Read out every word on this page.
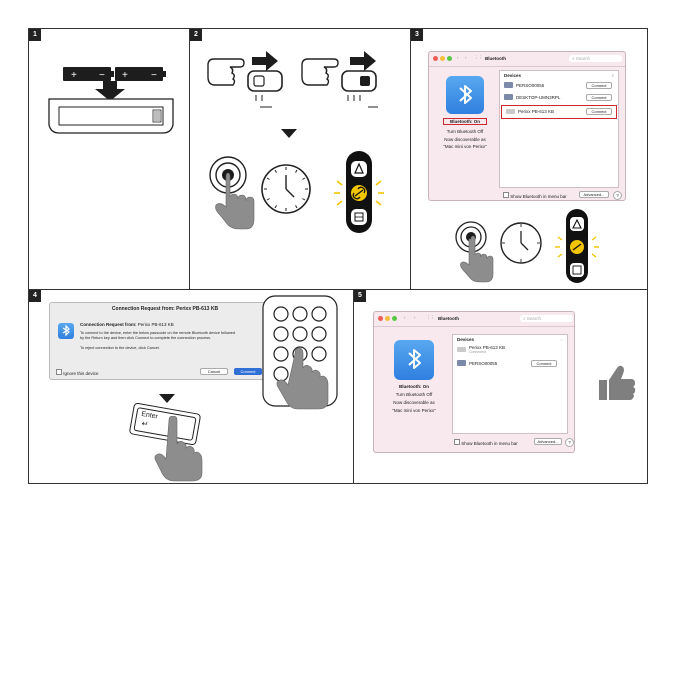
1
+ − + −
2	3
‹ › ⋮⋮ Bluetooth	⌕ Search
Bluetooth: On
Turn Bluetooth Off
Now discoverable as
"Mac mini von Perixx"
Devices	⌕
PERSO00055	Connect
DESKTOP-UMN3RPL	Connect
Perixx PB-613 KB	Connect
Show Bluetooth in menu bar	Advanced...	?
4
Connection Request from: Perixx PB-613 KB
Connection Request from: Perixx PB-613 KB
To connect to the device, enter the below passcode on the remote Bluetooth device followed
by the Return key and then click Connect to complete the connection process.
To reject connection to the device, click Cancel.
Ignore this device	Cancel	Connect
Enter
↵
5
‹ › ⋮⋮ Bluetooth	⌕ Search
Bluetooth: On
Turn Bluetooth Off
Now discoverable as
"Mac mini von Perixx"
Devices	◌
Perixx PB-613 KB
Connected
PERSO00055	Connect
Show Bluetooth in menu bar	Advanced...	?
